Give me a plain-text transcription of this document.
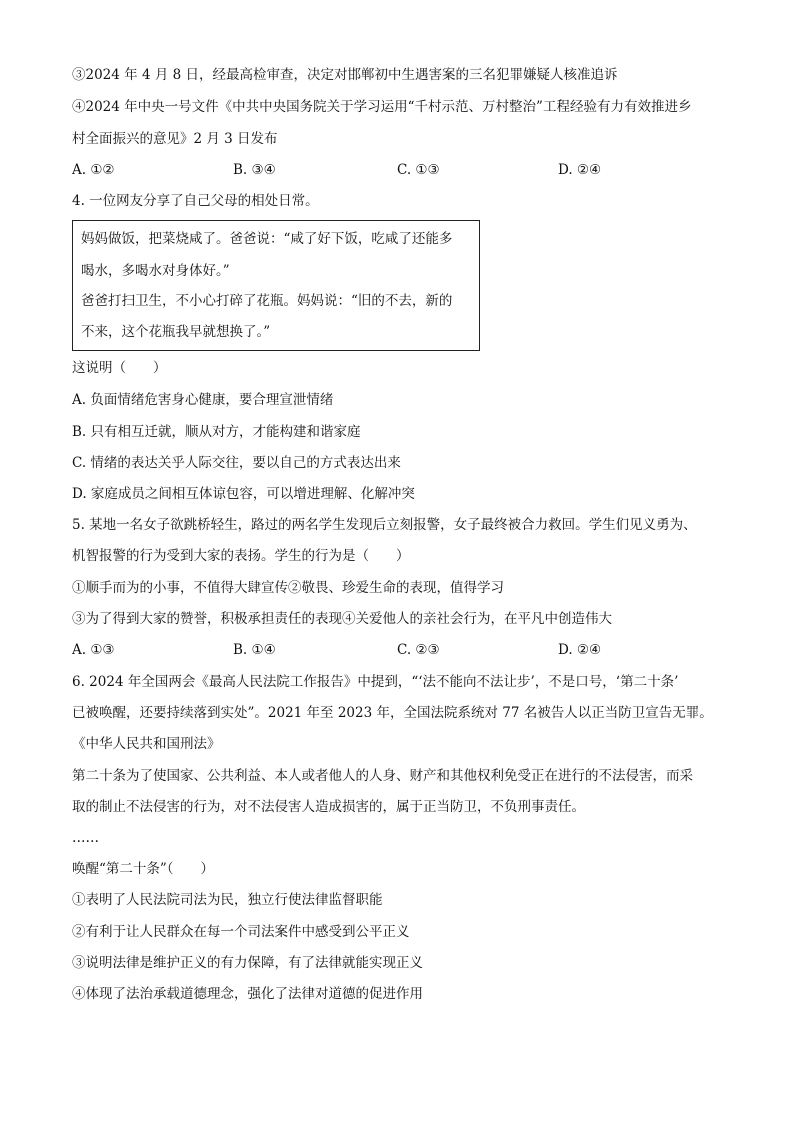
③2024 年 4 月 8 日，经最高检审查，决定对邯郸初中生遇害案的三名犯罪嫌疑人核准追诉
④2024 年中央一号文件《中共中央国务院关于学习运用“千村示范、万村整治”工程经验有力有效推进乡
村全面振兴的意见》2 月 3 日发布
A. ①②	B. ③④	C. ①③	D. ②④
4. 一位网友分享了自己父母的相处日常。
妈妈做饭，把菜烧咸了。爸爸说：“咸了好下饭，吃咸了还能多
喝水，多喝水对身体好。”
爸爸打扫卫生，不小心打碎了花瓶。妈妈说：“旧的不去，新的
不来，这个花瓶我早就想换了。”
这说明（　　）
A. 负面情绪危害身心健康，要合理宣泄情绪
B. 只有相互迁就，顺从对方，才能构建和谐家庭
C. 情绪的表达关乎人际交往，要以自己的方式表达出来
D. 家庭成员之间相互体谅包容，可以增进理解、化解冲突
5. 某地一名女子欲跳桥轻生，路过的两名学生发现后立刻报警，女子最终被合力救回。学生们见义勇为、
机智报警的行为受到大家的表扬。学生的行为是（　　）
①顺手而为的小事，不值得大肆宣传②敬畏、珍爱生命的表现，值得学习
③为了得到大家的赞誉，积极承担责任的表现④关爱他人的亲社会行为，在平凡中创造伟大
A. ①③	B. ①④	C. ②③	D. ②④
6. 2024 年全国两会《最高人民法院工作报告》中提到，“‘法不能向不法让步’，不是口号，‘第二十条’
已被唤醒，还要持续落到实处”。2021 年至 2023 年，全国法院系统对 77 名被告人以正当防卫宣告无罪。
《中华人民共和国刑法》
第二十条为了使国家、公共利益、本人或者他人的人身、财产和其他权利免受正在进行的不法侵害，而采
取的制止不法侵害的行为，对不法侵害人造成损害的，属于正当防卫，不负刑事责任。
……
唤醒“第二十条”（　　）
①表明了人民法院司法为民，独立行使法律监督职能
②有利于让人民群众在每一个司法案件中感受到公平正义
③说明法律是维护正义的有力保障，有了法律就能实现正义
④体现了法治承载道德理念，强化了法律对道德的促进作用
